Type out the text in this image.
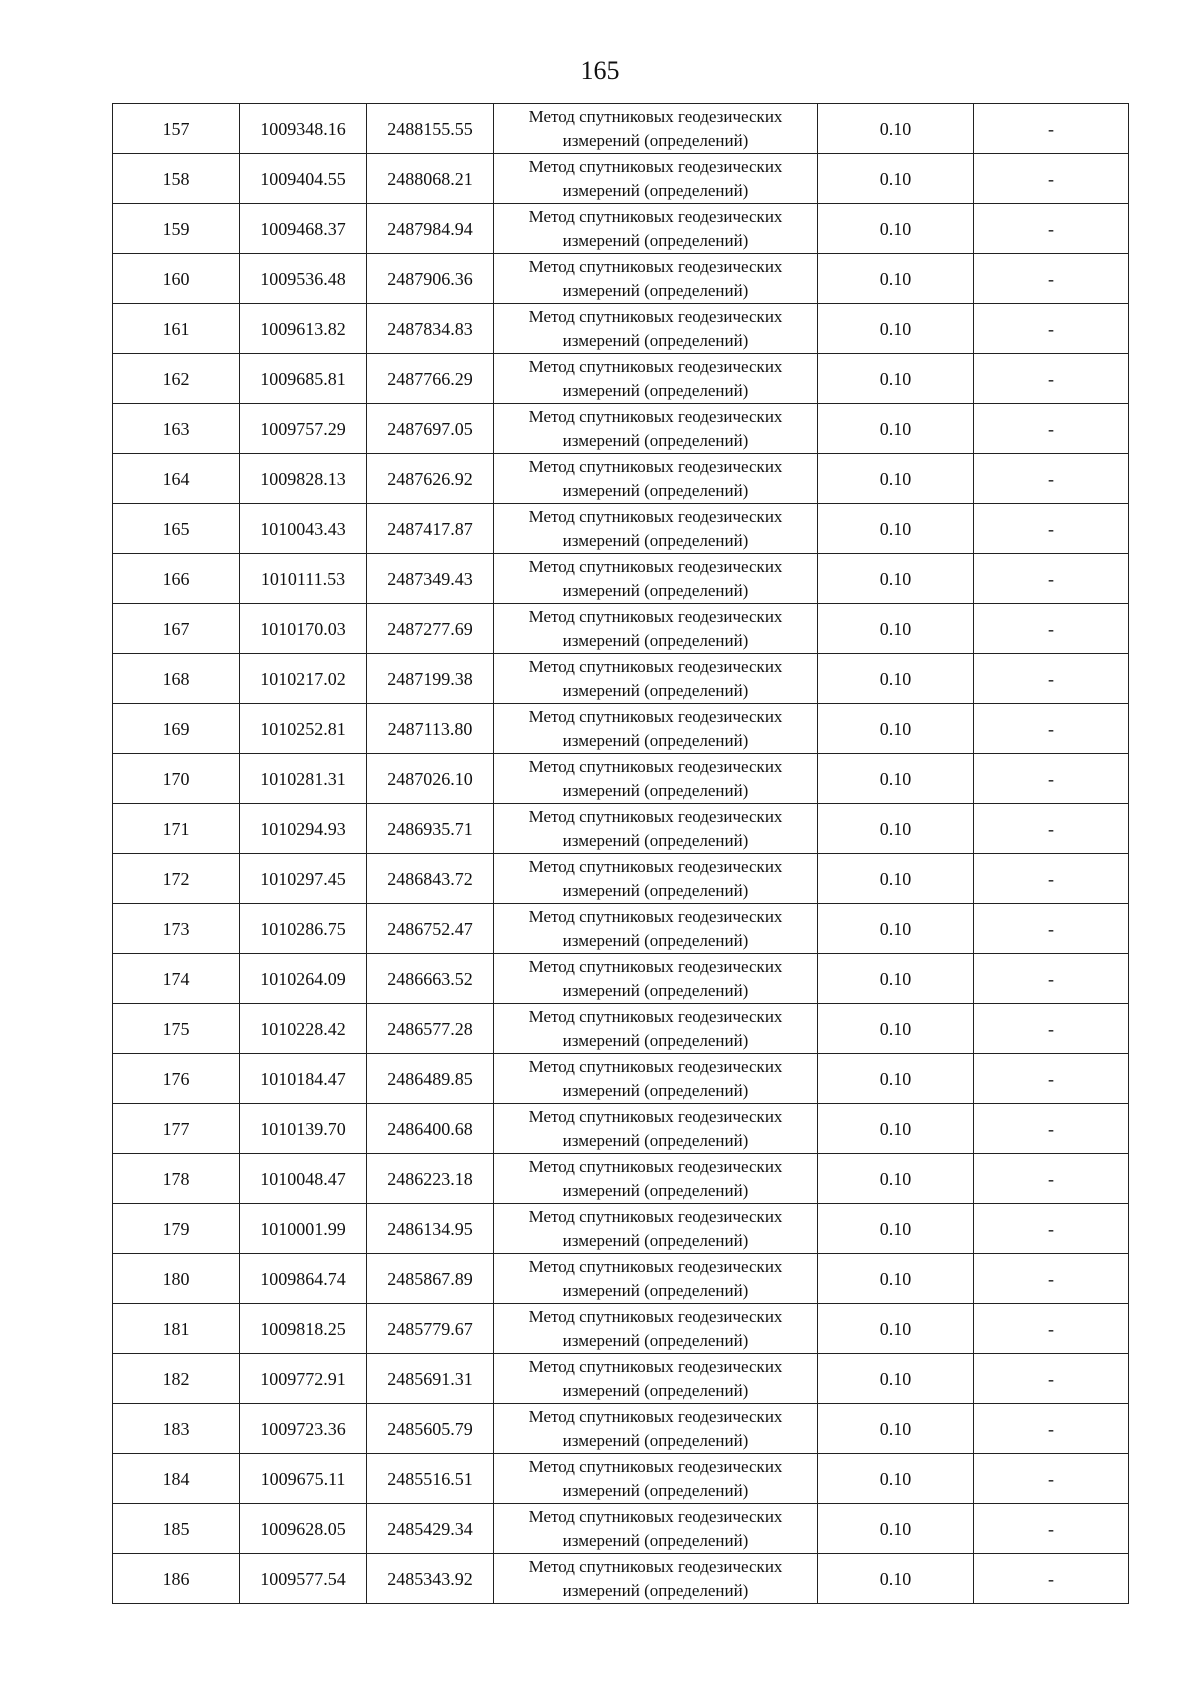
165
157	1009348.16	2488155.55	Метод спутниковых геодезических
измерений (определений)	0.10	-
158	1009404.55	2488068.21	Метод спутниковых геодезических
измерений (определений)	0.10	-
159	1009468.37	2487984.94	Метод спутниковых геодезических
измерений (определений)	0.10	-
160	1009536.48	2487906.36	Метод спутниковых геодезических
измерений (определений)	0.10	-
161	1009613.82	2487834.83	Метод спутниковых геодезических
измерений (определений)	0.10	-
162	1009685.81	2487766.29	Метод спутниковых геодезических
измерений (определений)	0.10	-
163	1009757.29	2487697.05	Метод спутниковых геодезических
измерений (определений)	0.10	-
164	1009828.13	2487626.92	Метод спутниковых геодезических
измерений (определений)	0.10	-
165	1010043.43	2487417.87	Метод спутниковых геодезических
измерений (определений)	0.10	-
166	1010111.53	2487349.43	Метод спутниковых геодезических
измерений (определений)	0.10	-
167	1010170.03	2487277.69	Метод спутниковых геодезических
измерений (определений)	0.10	-
168	1010217.02	2487199.38	Метод спутниковых геодезических
измерений (определений)	0.10	-
169	1010252.81	2487113.80	Метод спутниковых геодезических
измерений (определений)	0.10	-
170	1010281.31	2487026.10	Метод спутниковых геодезических
измерений (определений)	0.10	-
171	1010294.93	2486935.71	Метод спутниковых геодезических
измерений (определений)	0.10	-
172	1010297.45	2486843.72	Метод спутниковых геодезических
измерений (определений)	0.10	-
173	1010286.75	2486752.47	Метод спутниковых геодезических
измерений (определений)	0.10	-
174	1010264.09	2486663.52	Метод спутниковых геодезических
измерений (определений)	0.10	-
175	1010228.42	2486577.28	Метод спутниковых геодезических
измерений (определений)	0.10	-
176	1010184.47	2486489.85	Метод спутниковых геодезических
измерений (определений)	0.10	-
177	1010139.70	2486400.68	Метод спутниковых геодезических
измерений (определений)	0.10	-
178	1010048.47	2486223.18	Метод спутниковых геодезических
измерений (определений)	0.10	-
179	1010001.99	2486134.95	Метод спутниковых геодезических
измерений (определений)	0.10	-
180	1009864.74	2485867.89	Метод спутниковых геодезических
измерений (определений)	0.10	-
181	1009818.25	2485779.67	Метод спутниковых геодезических
измерений (определений)	0.10	-
182	1009772.91	2485691.31	Метод спутниковых геодезических
измерений (определений)	0.10	-
183	1009723.36	2485605.79	Метод спутниковых геодезических
измерений (определений)	0.10	-
184	1009675.11	2485516.51	Метод спутниковых геодезических
измерений (определений)	0.10	-
185	1009628.05	2485429.34	Метод спутниковых геодезических
измерений (определений)	0.10	-
186	1009577.54	2485343.92	Метод спутниковых геодезических
измерений (определений)	0.10	-
